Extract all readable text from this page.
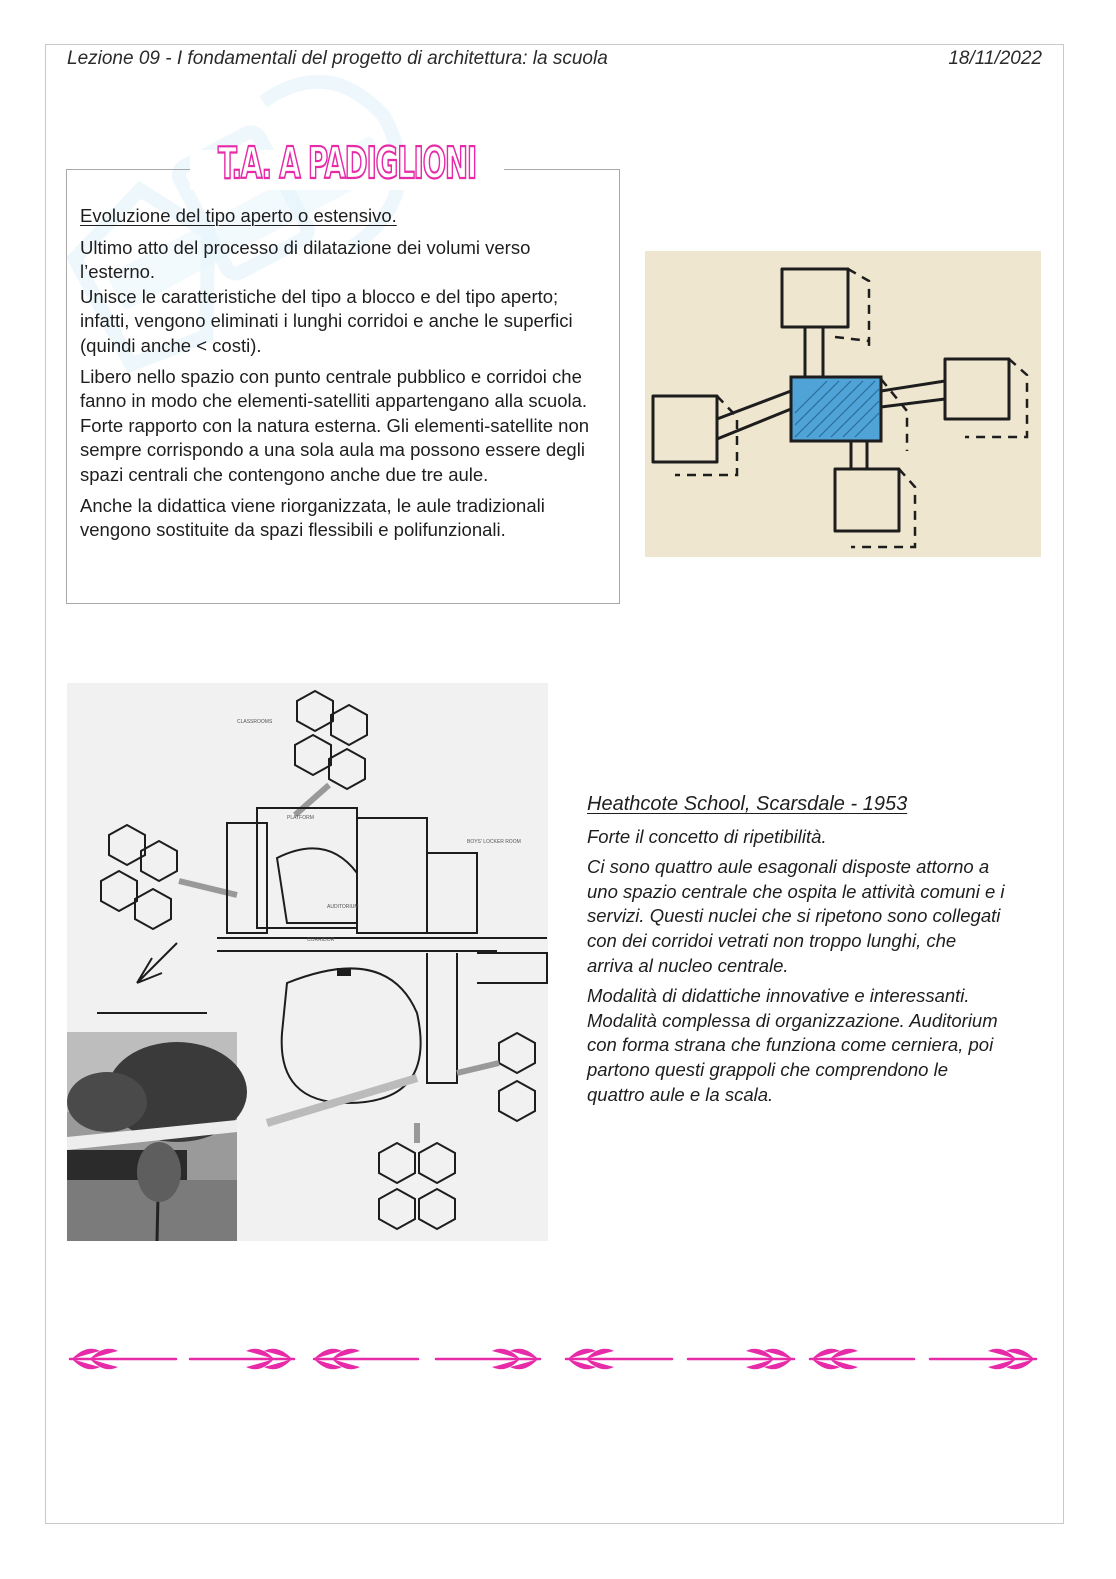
Lezione 09 - I fondamentali del progetto di architettura: la scuola	18/11/2022
T.A. A PADIGLIONI
Evoluzione del tipo aperto o estensivo.

Ultimo atto del processo di dilatazione dei volumi verso l’esterno.

Unisce le caratteristiche del tipo a blocco e del tipo aperto; infatti, vengono eliminati i lunghi corridoi e anche le superfici (quindi anche < costi).

Libero nello spazio con punto centrale pubblico e corridoi che fanno in modo che elementi-satelliti appartengano alla scuola.

Forte rapporto con la natura esterna. Gli elementi-satellite non sempre corrispondo a una sola aula ma possono essere degli spazi centrali che contengono anche due tre aule.

Anche la didattica viene riorganizzata, le aule tradizionali vengono sostituite da spazi flessibili e polifunzionali.

CLASSROOMS
BOYS' LOCKER ROOM
AUDITORIUM
PLATFORM
CORRIDOR
Heathcote School, Scarsdale - 1953

Forte il concetto di ripetibilità.

Ci sono quattro aule esagonali disposte attorno a uno spazio centrale che ospita le attività comuni e i servizi. Questi nuclei che si ripetono sono collegati con dei corridoi vetrati non troppo lunghi, che arriva al nucleo centrale.

Modalità di didattiche innovative e interessanti. Modalità complessa di organizzazione. Auditorium con forma strana che funziona come cerniera, poi partono questi grappoli che comprendono le quattro aule e la scala.
